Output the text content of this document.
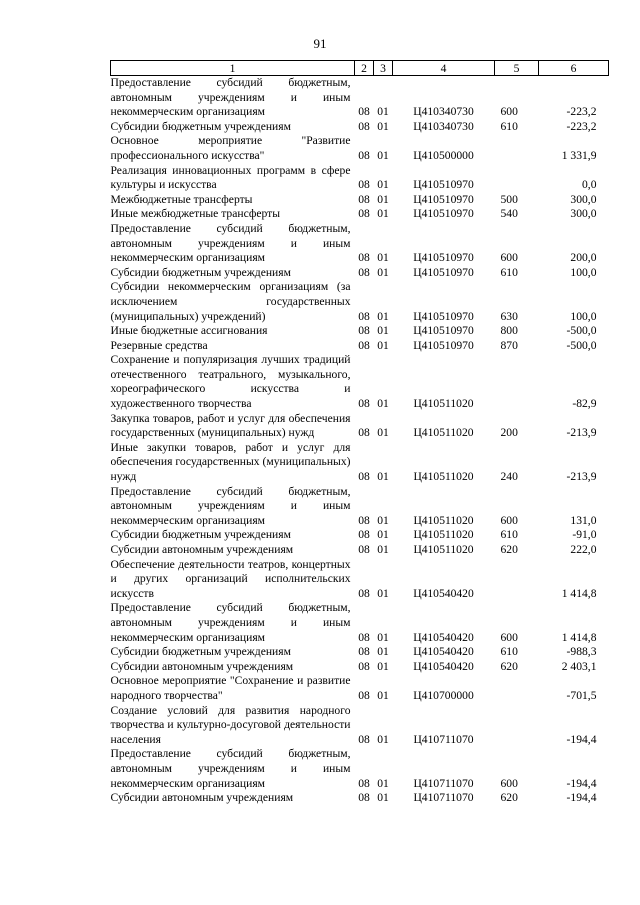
91
1	2	3	4	5	6
Предоставление субсидий бюджетным, автономным учреждениям и иным некоммерческим организациям	08	01	Ц410340730	600	-223,2
Субсидии бюджетным учреждениям	08	01	Ц410340730	610	-223,2
Основное мероприятие "Развитие профессионального искусства"	08	01	Ц410500000		1 331,9
Реализация инновационных программ в сфере культуры и искусства	08	01	Ц410510970		0,0
Межбюджетные трансферты	08	01	Ц410510970	500	300,0
Иные межбюджетные трансферты	08	01	Ц410510970	540	300,0
Предоставление субсидий бюджетным, автономным учреждениям и иным некоммерческим организациям	08	01	Ц410510970	600	200,0
Субсидии бюджетным учреждениям	08	01	Ц410510970	610	100,0
Субсидии некоммерческим организациям (за исключением государственных (муниципальных) учреждений)	08	01	Ц410510970	630	100,0
Иные бюджетные ассигнования	08	01	Ц410510970	800	-500,0
Резервные средства	08	01	Ц410510970	870	-500,0
Сохранение и популяризация лучших традиций отечественного театрального, музыкального, хореографического искусства и художественного творчества	08	01	Ц410511020		-82,9
Закупка товаров, работ и услуг для обеспечения государственных (муниципальных) нужд	08	01	Ц410511020	200	-213,9
Иные закупки товаров, работ и услуг для обеспечения государственных (муниципальных) нужд	08	01	Ц410511020	240	-213,9
Предоставление субсидий бюджетным, автономным учреждениям и иным некоммерческим организациям	08	01	Ц410511020	600	131,0
Субсидии бюджетным учреждениям	08	01	Ц410511020	610	-91,0
Субсидии автономным учреждениям	08	01	Ц410511020	620	222,0
Обеспечение деятельности театров, концертных и других организаций исполнительских искусств	08	01	Ц410540420		1 414,8
Предоставление субсидий бюджетным, автономным учреждениям и иным некоммерческим организациям	08	01	Ц410540420	600	1 414,8
Субсидии бюджетным учреждениям	08	01	Ц410540420	610	-988,3
Субсидии автономным учреждениям	08	01	Ц410540420	620	2 403,1
Основное мероприятие "Сохранение и развитие народного творчества"	08	01	Ц410700000		-701,5
Создание условий для развития народного творчества и культурно-досуговой деятельности населения	08	01	Ц410711070		-194,4
Предоставление субсидий бюджетным, автономным учреждениям и иным некоммерческим организациям	08	01	Ц410711070	600	-194,4
Субсидии автономным учреждениям	08	01	Ц410711070	620	-194,4
